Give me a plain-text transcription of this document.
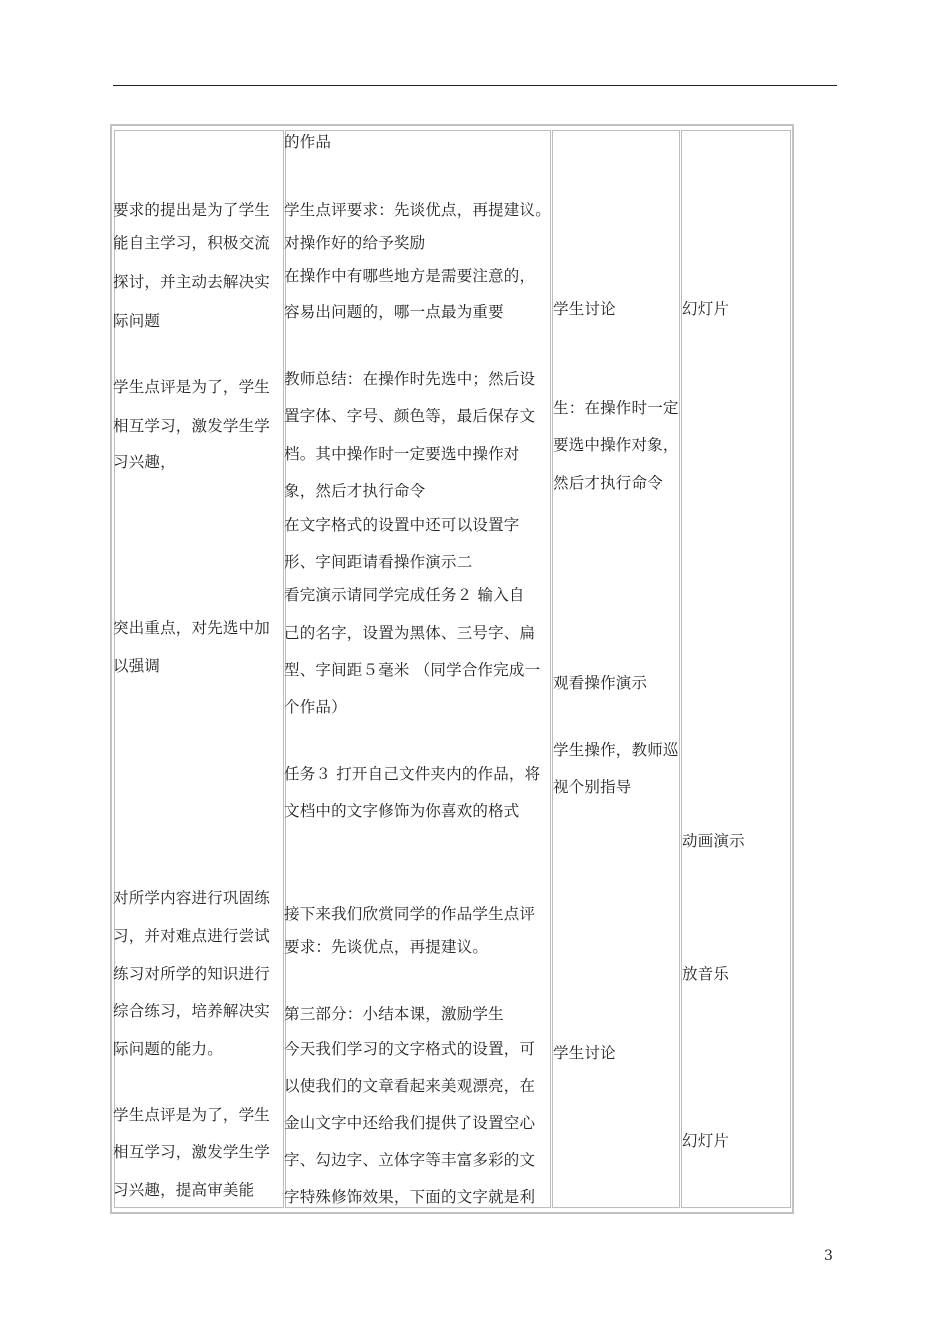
要求的提出是为了学生
能自主学习，积极交流
探讨，并主动去解决实
际问题
学生点评是为了，学生
相互学习，激发学生学
习兴趣，
突出重点，对先选中加
以强调
对所学内容进行巩固练
习，并对难点进行尝试
练习对所学的知识进行
综合练习，培养解决实
际问题的能力。
学生点评是为了，学生
相互学习，激发学生学
习兴趣，提高审美能
的作品
学生点评要求：先谈优点，再提建议。
对操作好的给予奖励
在操作中有哪些地方是需要注意的，
容易出问题的，哪一点最为重要
教师总结：在操作时先选中；然后设
置字体、字号、颜色等，最后保存文
档。其中操作时一定要选中操作对
象，然后才执行命令
在文字格式的设置中还可以设置字
形、字间距请看操作演示二
看完演示请同学完成任务２ 输入自
己的名字，设置为黑体、三号字、扁
型、字间距５毫米 （同学合作完成一
个作品）
任务３ 打开自己文件夹内的作品，将
文档中的文字修饰为你喜欢的格式
接下来我们欣赏同学的作品学生点评
要求：先谈优点，再提建议。
第三部分：小结本课，激励学生
今天我们学习的文字格式的设置，可
以使我们的文章看起来美观漂亮，在
金山文字中还给我们提供了设置空心
字、勾边字、立体字等丰富多彩的文
字特殊修饰效果，下面的文字就是利
学生讨论
生：在操作时一定
要选中操作对象，
然后才执行命令
观看操作演示
学生操作，教师巡
视个别指导
学生讨论
幻灯片
动画演示
放音乐
幻灯片
3
